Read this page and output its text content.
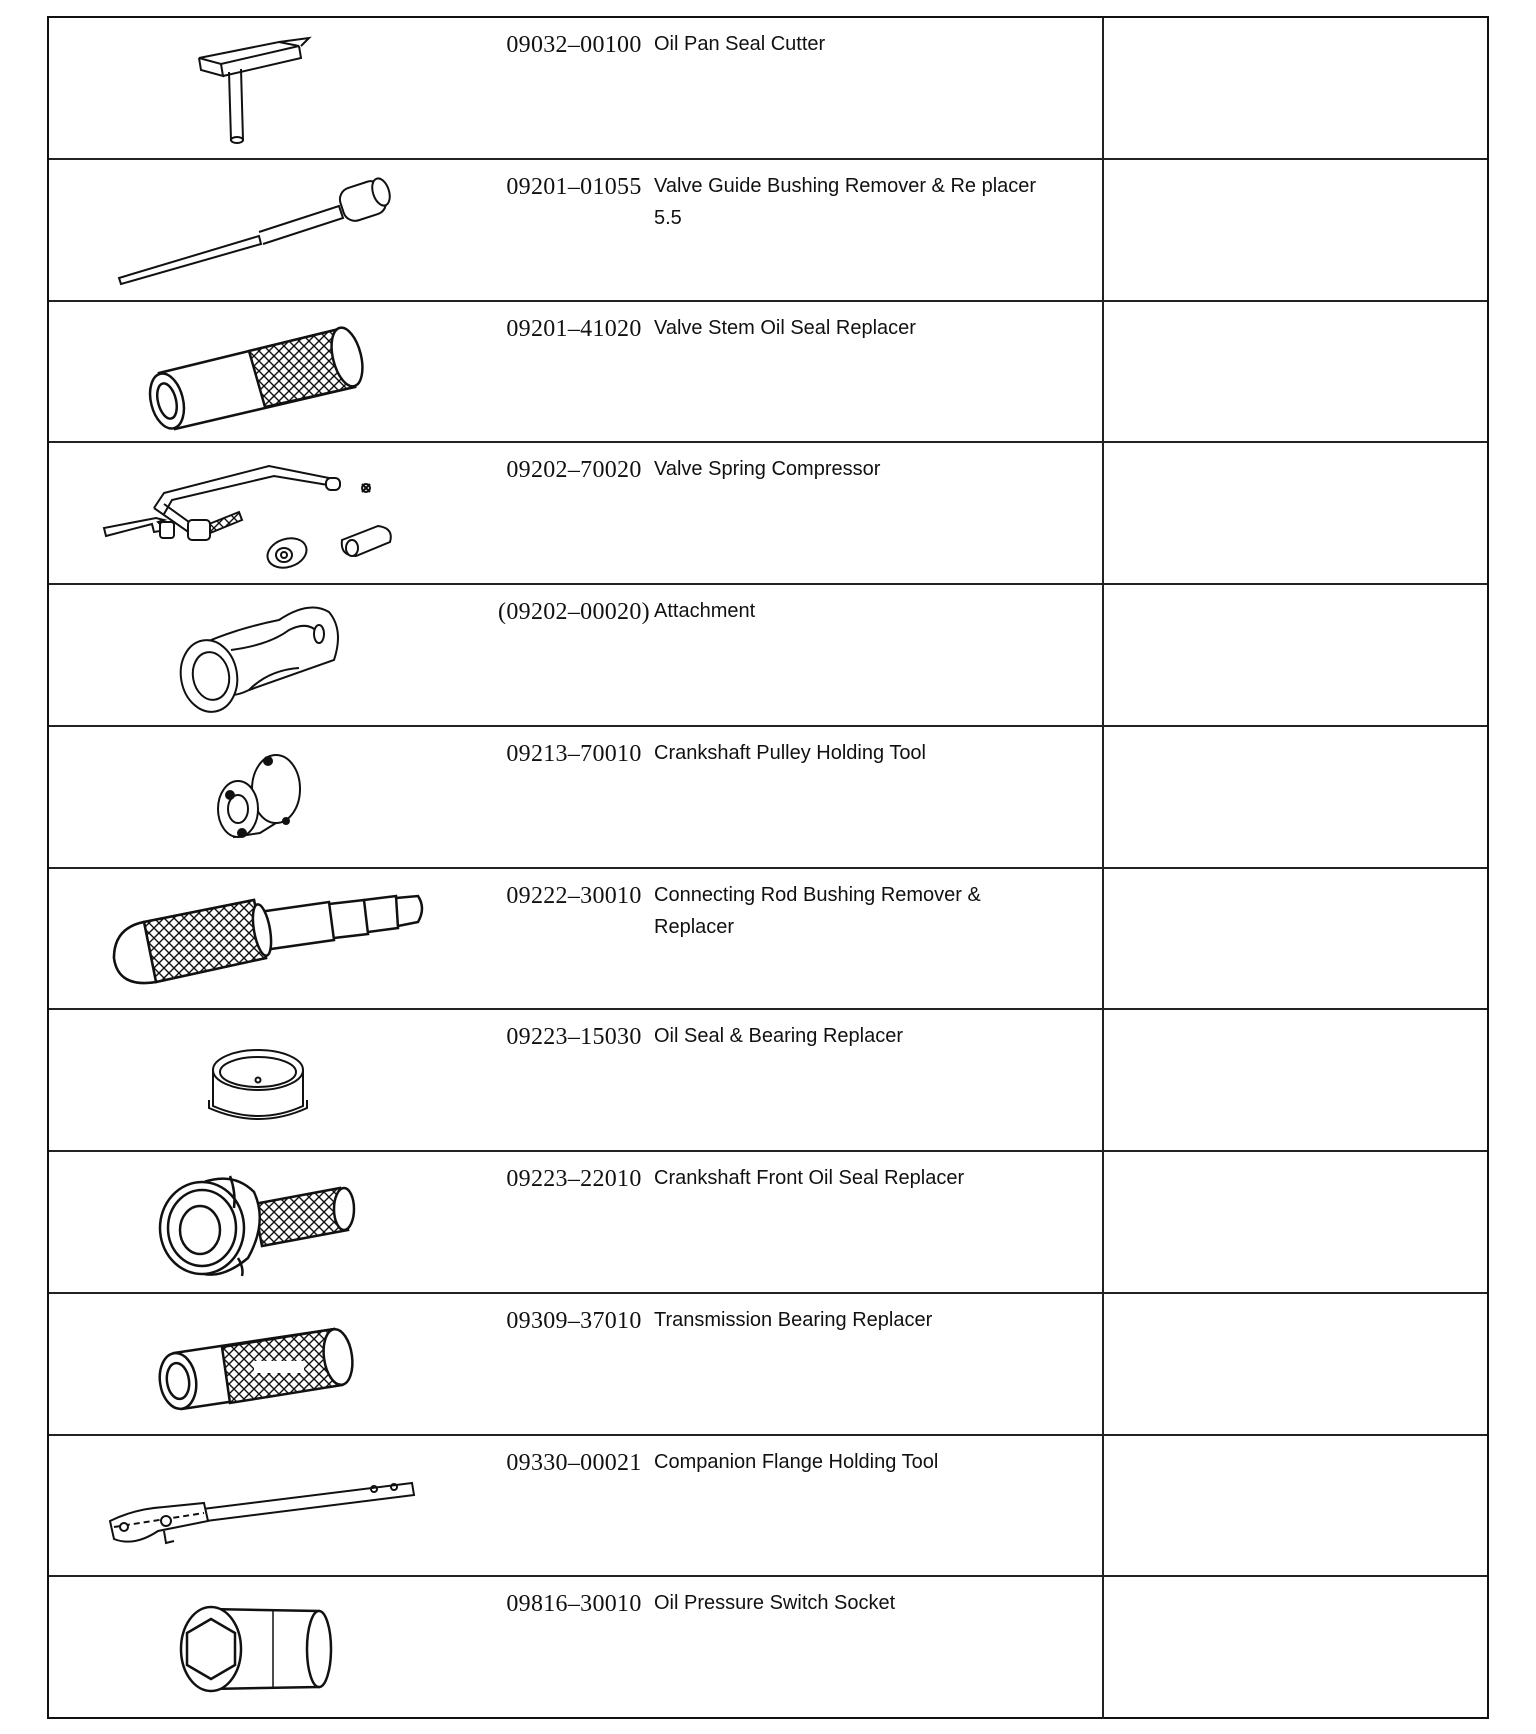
09032–00100 Oil Pan Seal Cutter
09201–01055 Valve Guide Bushing Remover & Re placer 5.5
09201–41020 Valve Stem Oil Seal Replacer
09202–70020 Valve Spring Compressor
(09202–00020) Attachment
09213–70010 Crankshaft Pulley Holding Tool
09222–30010 Connecting Rod Bushing Remover & Replacer
09223–15030 Oil Seal & Bearing Replacer
09223–22010 Crankshaft Front Oil Seal Replacer
09309–37010 Transmission Bearing Replacer
09330–00021 Companion Flange Holding Tool
09816–30010 Oil Pressure Switch Socket
